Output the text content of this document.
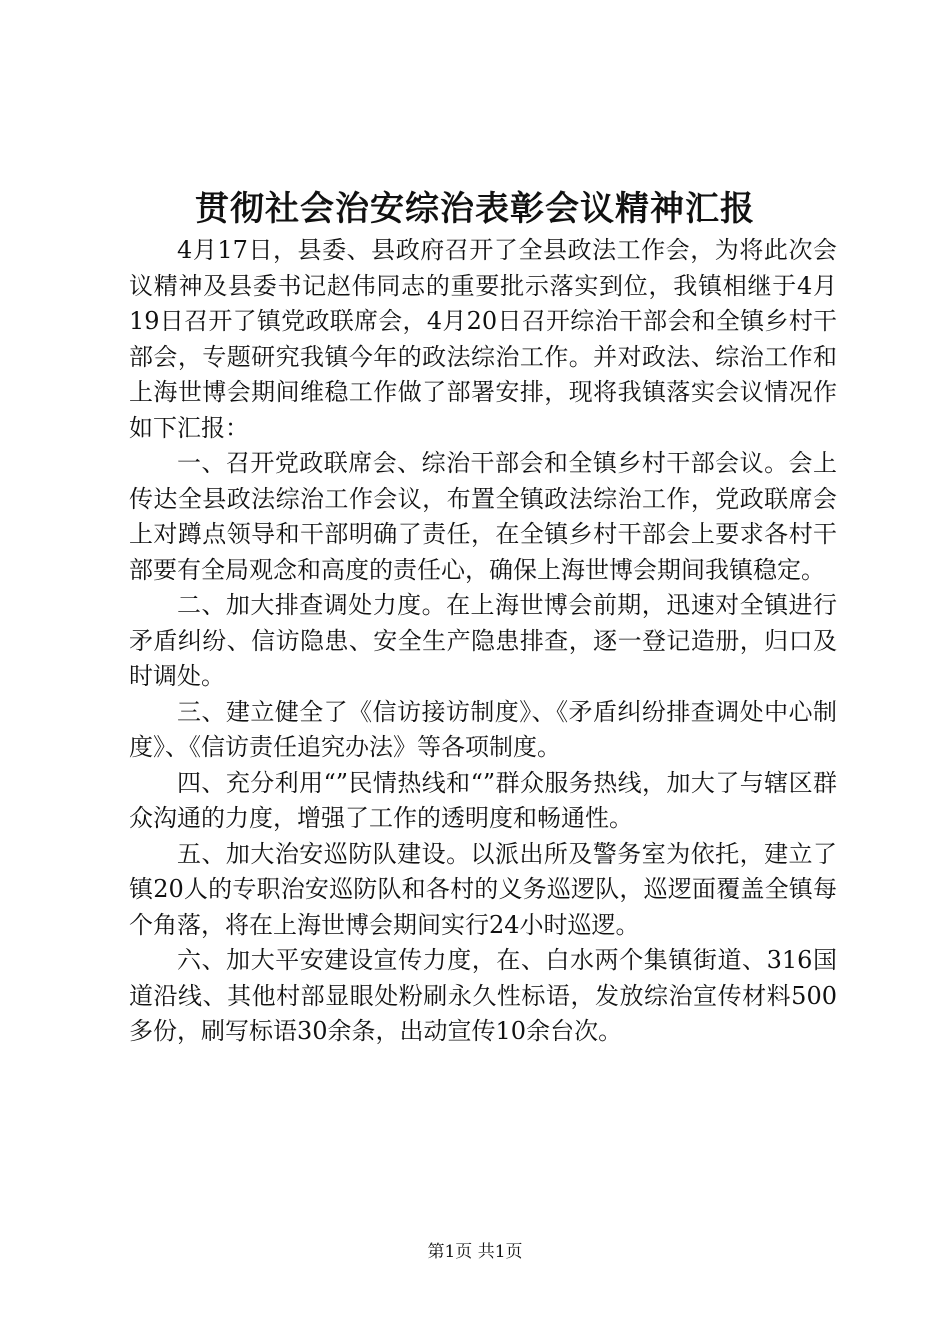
贯彻社会治安综治表彰会议精神汇报

4月17日，县委、县政府召开了全县政法工作会，为将此次会议精神及县委书记赵伟同志的重要批示落实到位，我镇相继于4月19日召开了镇党政联席会，4月20日召开综治干部会和全镇乡村干部会，专题研究我镇今年的政法综治工作。并对政法、综治工作和上海世博会期间维稳工作做了部署安排，现将我镇落实会议情况作如下汇报：

一、召开党政联席会、综治干部会和全镇乡村干部会议。会上传达全县政法综治工作会议，布置全镇政法综治工作，党政联席会上对蹲点领导和干部明确了责任，在全镇乡村干部会上要求各村干部要有全局观念和高度的责任心，确保上海世博会期间我镇稳定。

二、加大排查调处力度。在上海世博会前期，迅速对全镇进行矛盾纠纷、信访隐患、安全生产隐患排查，逐一登记造册，归口及时调处。

三、建立健全了《信访接访制度》、《矛盾纠纷排查调处中心制度》、《信访责任追究办法》等各项制度。

四、充分利用“”民情热线和“”群众服务热线，加大了与辖区群众沟通的力度，增强了工作的透明度和畅通性。

五、加大治安巡防队建设。以派出所及警务室为依托，建立了镇20人的专职治安巡防队和各村的义务巡逻队，巡逻面覆盖全镇每个角落，将在上海世博会期间实行24小时巡逻。

六、加大平安建设宣传力度，在、白水两个集镇街道、316国道沿线、其他村部显眼处粉刷永久性标语，发放综治宣传材料500多份，刷写标语30余条，出动宣传10余台次。

第1页 共1页
